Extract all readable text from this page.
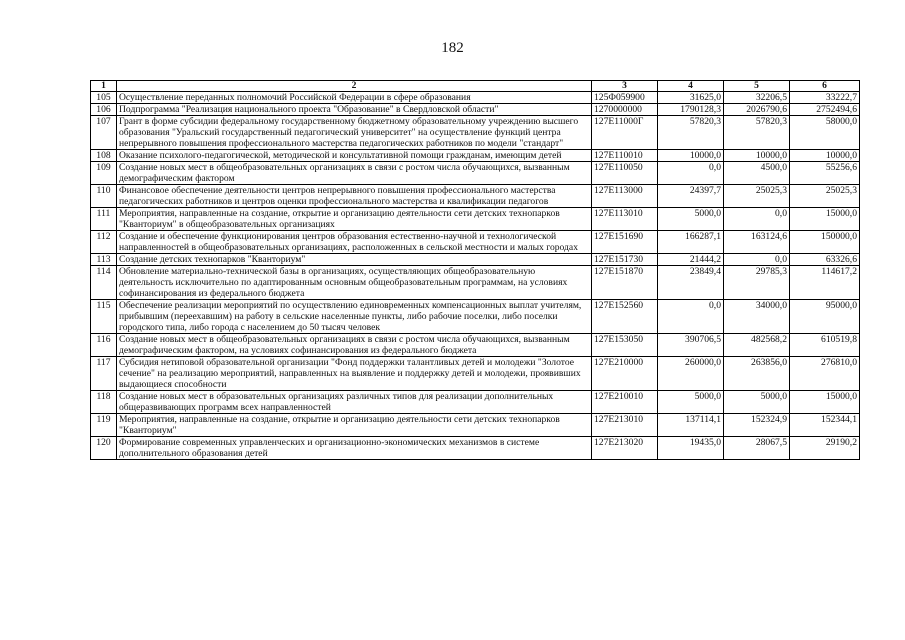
182
1	2	3	4	5	6
105	Осуществление переданных полномочий Российской Федерации в сфере образования	125Ф059900	31625,0	32206,5	33222,7
106	Подпрограмма "Реализация национального проекта "Образование" в Свердловской области"	1270000000	1790128,3	2026790,6	2752494,6
107	Грант в форме субсидии федеральному государственному бюджетному образовательному учреждению высшего образования "Уральский государственный педагогический университет" на осуществление функций центра непрерывного повышения профессионального мастерства педагогических работников по модели "стандарт"	127E11000Г	57820,3	57820,3	58000,0
108	Оказание психолого-педагогической, методической и консультативной помощи гражданам, имеющим детей	127E110010	10000,0	10000,0	10000,0
109	Создание новых мест в общеобразовательных организациях в связи с ростом числа обучающихся, вызванным демографическим фактором	127E110050	0,0	4500,0	55256,6
110	Финансовое обеспечение деятельности центров непрерывного повышения профессионального мастерства педагогических работников и центров оценки профессионального мастерства и квалификации педагогов	127E113000	24397,7	25025,3	25025,3
111	Мероприятия, направленные на создание, открытие и организацию деятельности сети детских технопарков "Кванториум" в общеобразовательных организациях	127E113010	5000,0	0,0	15000,0
112	Создание и обеспечение функционирования центров образования естественно-научной и технологической направленностей в общеобразовательных организациях, расположенных в сельской местности и малых городах	127E151690	166287,1	163124,6	150000,0
113	Создание детских технопарков "Кванториум"	127E151730	21444,2	0,0	63326,6
114	Обновление материально-технической базы в организациях, осуществляющих общеобразовательную деятельность исключительно по адаптированным основным общеобразовательным программам, на условиях софинансирования из федерального бюджета	127E151870	23849,4	29785,3	114617,2
115	Обеспечение реализации мероприятий по осуществлению единовременных компенсационных выплат учителям, прибывшим (переехавшим) на работу в сельские населенные пункты, либо рабочие поселки, либо поселки городского типа, либо города с населением до 50 тысяч человек	127E152560	0,0	34000,0	95000,0
116	Создание новых мест в общеобразовательных организациях в связи с ростом числа обучающихся, вызванным демографическим фактором, на условиях софинансирования из федерального бюджета	127E153050	390706,5	482568,2	610519,8
117	Субсидия нетиповой образовательной организации "Фонд поддержки талантливых детей и молодежи "Золотое сечение" на реализацию мероприятий, направленных на выявление и поддержку детей и молодежи, проявивших выдающиеся способности	127E210000	260000,0	263856,0	276810,0
118	Создание новых мест в образовательных организациях различных типов для реализации дополнительных общеразвивающих программ всех направленностей	127E210010	5000,0	5000,0	15000,0
119	Мероприятия, направленные на создание, открытие и организацию деятельности сети детских технопарков "Кванториум"	127E213010	137114,1	152324,9	152344,1
120	Формирование современных управленческих и организационно-экономических механизмов в системе дополнительного образования детей	127E213020	19435,0	28067,5	29190,2
